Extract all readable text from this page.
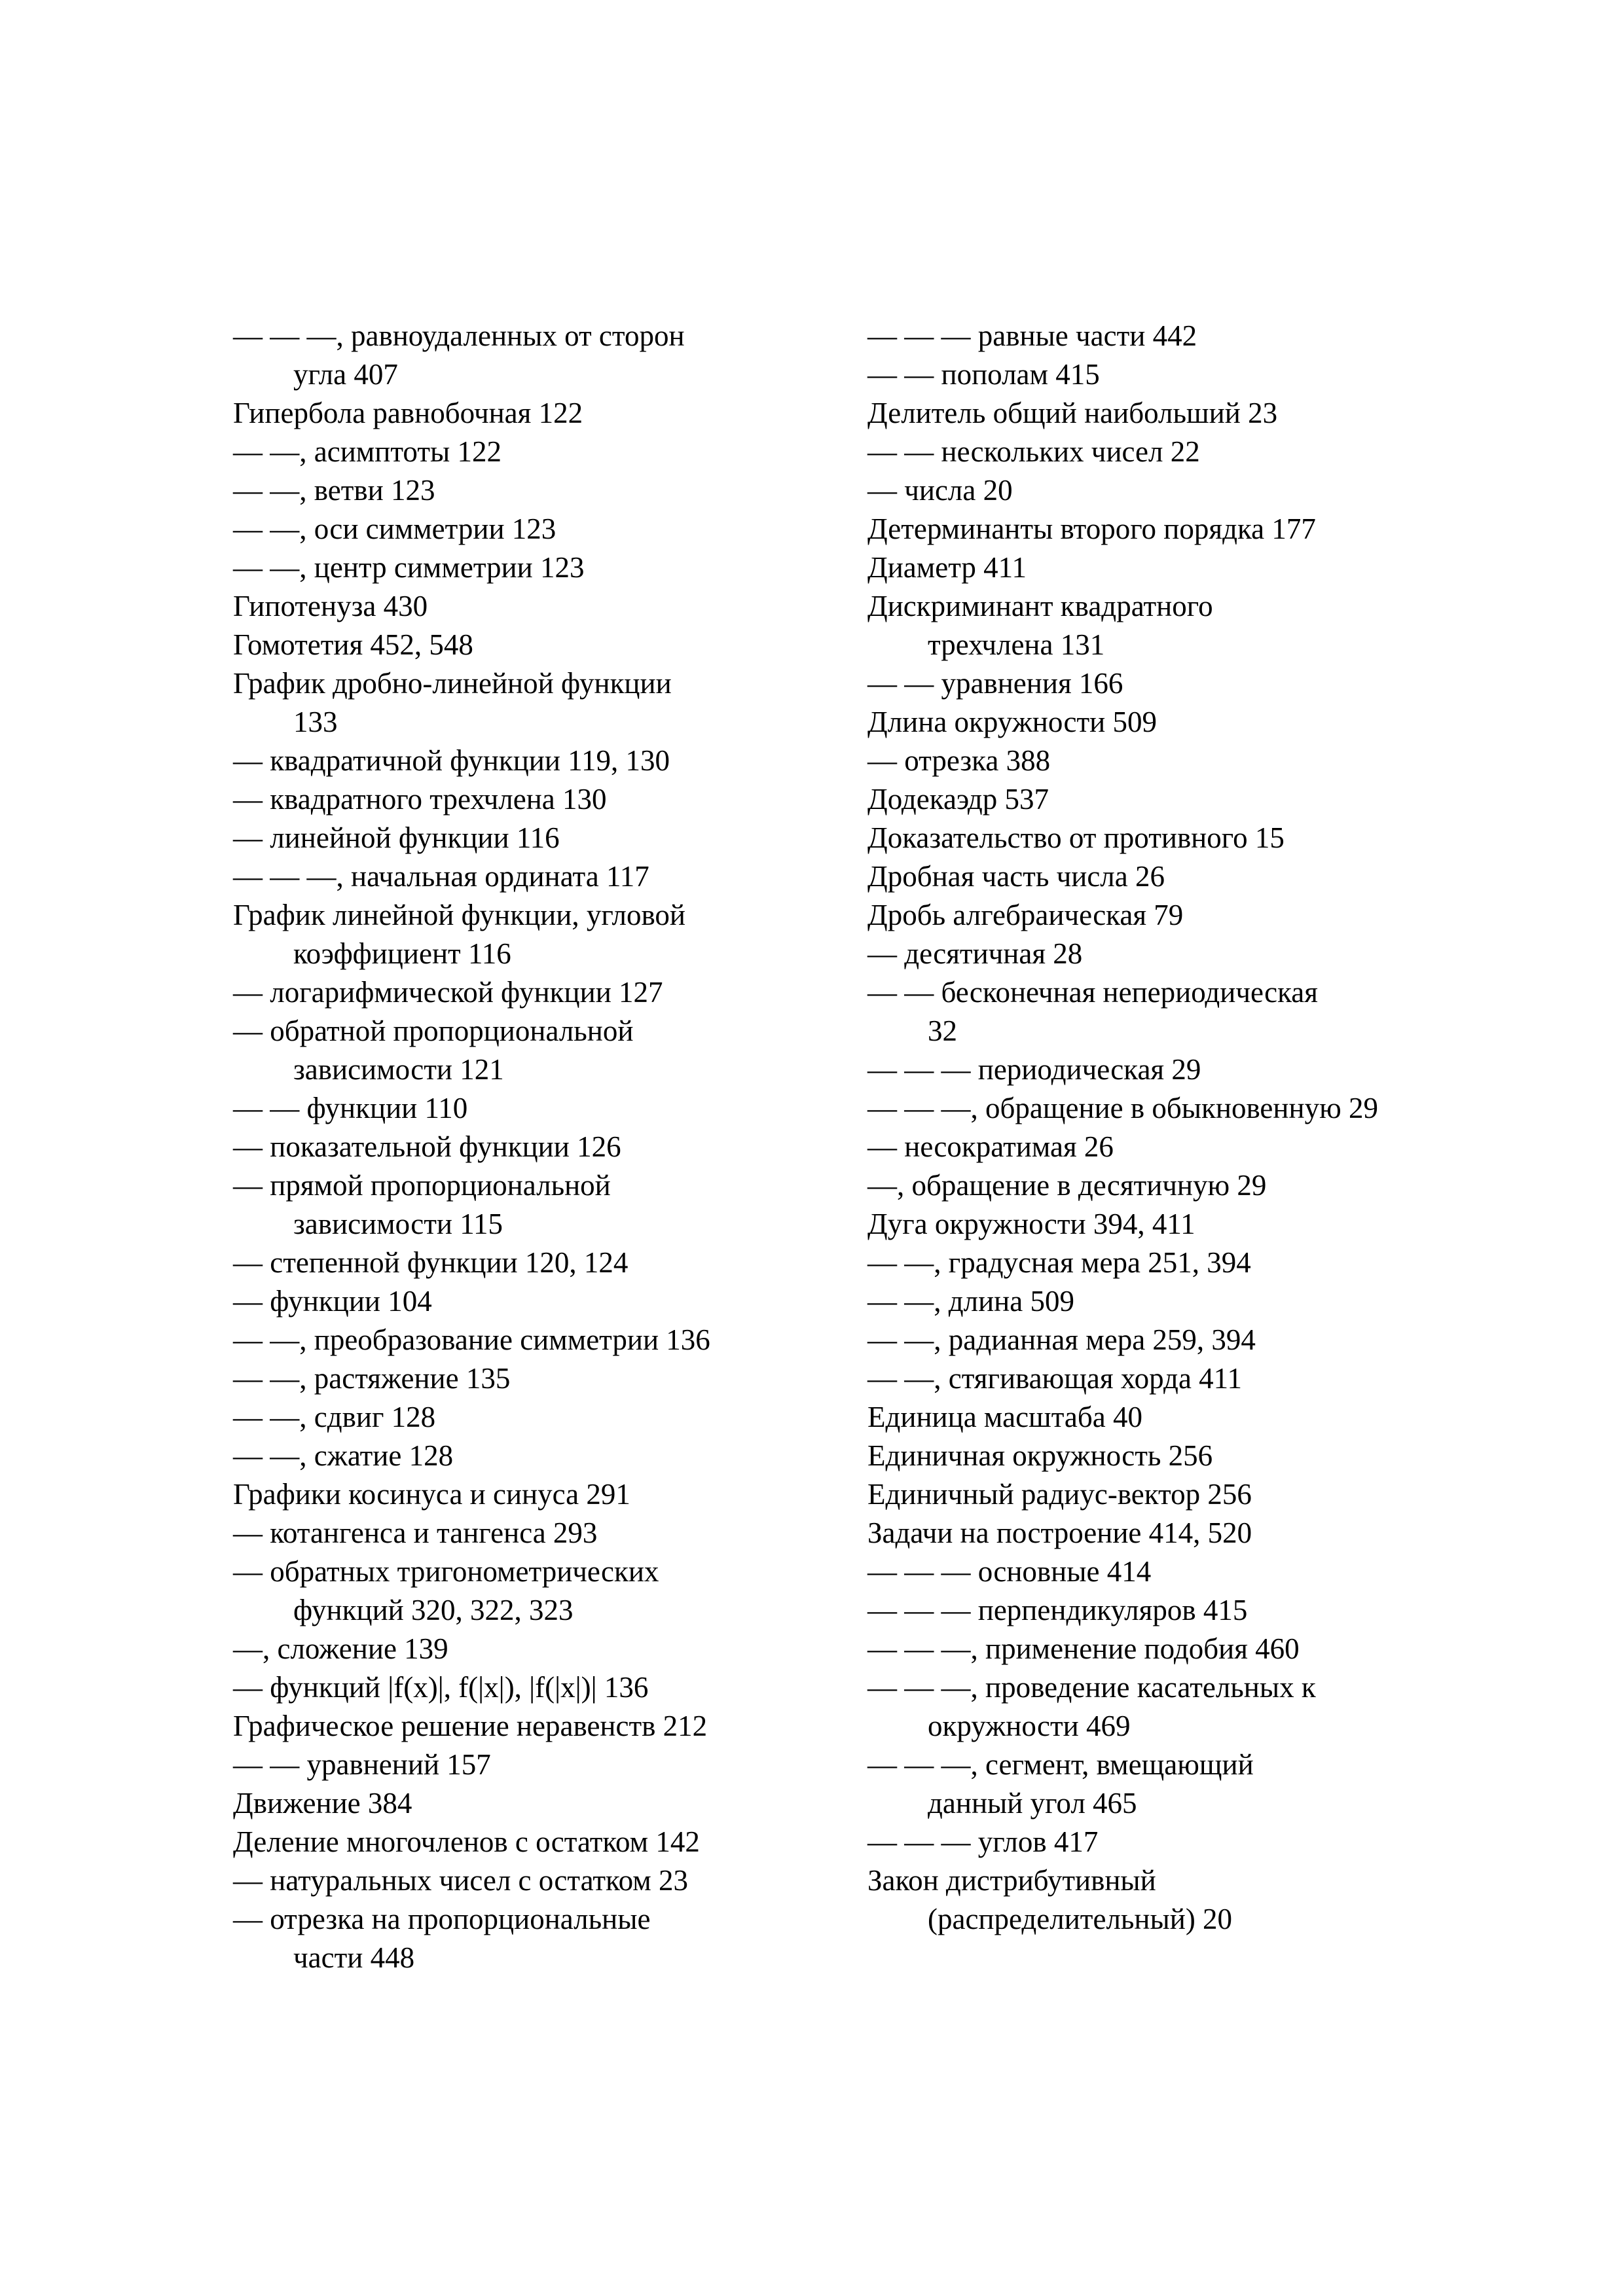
— — —, равноудаленных от сторон
угла 407
Гипербола равнобочная 122
— —, асимптоты 122
— —, ветви 123
— —, оси симметрии 123
— —, центр симметрии 123
Гипотенуза 430
Гомотетия 452, 548
График дробно-линейной функции
133
— квадратичной функции 119, 130
— квадратного трехчлена 130
— линейной функции 116
— — —, начальная ордината 117
График линейной функции, угловой
коэффициент 116
— логарифмической функции 127
— обратной пропорциональной
зависимости 121
— — функции 110
— показательной функции 126
— прямой пропорциональной
зависимости 115
— степенной функции 120, 124
— функции 104
— —, преобразование симметрии 136
— —, растяжение 135
— —, сдвиг 128
— —, сжатие 128
Графики косинуса и синуса 291
— котангенса и тангенса 293
— обратных тригонометрических
функций 320, 322, 323
—, сложение 139
— функций |f(x)|, f(|x|), |f(|x|)| 136
Графическое решение неравенств 212
— — уравнений 157
Движение 384
Деление многочленов с остатком 142
— натуральных чисел с остатком 23
— отрезка на пропорциональные
части 448
— — — равные части 442
— — пополам 415
Делитель общий наибольший 23
— — нескольких чисел 22
— числа 20
Детерминанты второго порядка 177
Диаметр 411
Дискриминант квадратного
трехчлена 131
— — уравнения 166
Длина окружности 509
— отрезка 388
Додекаэдр 537
Доказательство от противного 15
Дробная часть числа 26
Дробь алгебраическая 79
— десятичная 28
— — бесконечная непериодическая
32
— — — периодическая 29
— — —, обращение в обыкновенную 29
— несократимая 26
—, обращение в десятичную 29
Дуга окружности 394, 411
— —, градусная мера 251, 394
— —, длина 509
— —, радианная мера 259, 394
— —, стягивающая хорда 411
Единица масштаба 40
Единичная окружность 256
Единичный радиус-вектор 256
Задачи на построение 414, 520
— — — основные 414
— — — перпендикуляров 415
— — —, применение подобия 460
— — —, проведение касательных к
окружности 469
— — —, сегмент, вмещающий
данный угол 465
— — — углов 417
Закон дистрибутивный
(распределительный) 20
